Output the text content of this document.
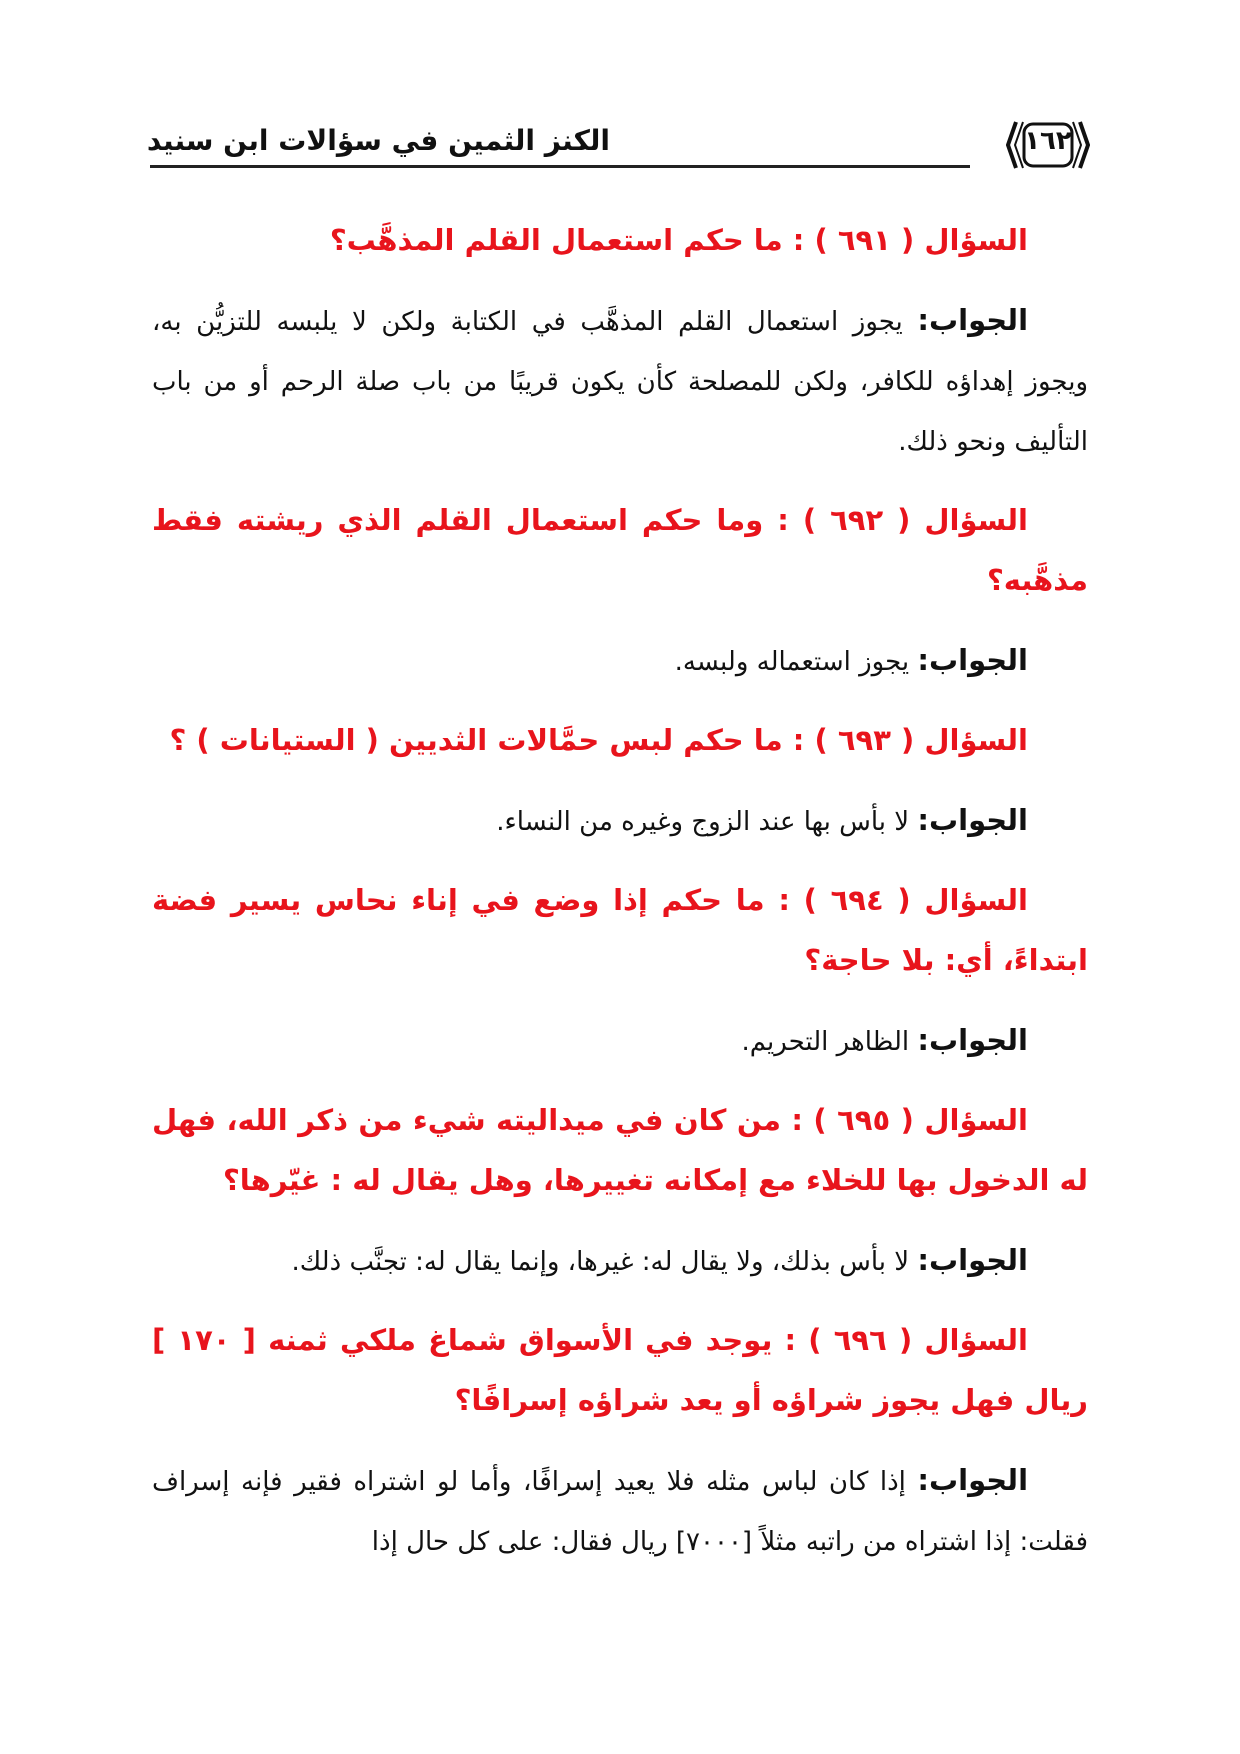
الكنز الثمين في سؤالات ابن سنيد	١٦٢

السؤال ( ٦٩١ ) : ما حكم استعمال القلم المذهَّب؟

الجواب: يجوز استعمال القلم المذهَّب في الكتابة ولكن لا يلبسه للتزيُّن به، ويجوز إهداؤه للكافر، ولكن للمصلحة كأن يكون قريبًا من باب صلة الرحم أو من باب التأليف ونحو ذلك.

السؤال ( ٦٩٢ ) : وما حكم استعمال القلم الذي ريشته فقط مذهَّبه؟

الجواب: يجوز استعماله ولبسه.

السؤال ( ٦٩٣ ) : ما حكم لبس حمَّالات الثديين ( الستيانات ) ؟

الجواب: لا بأس بها عند الزوج وغيره من النساء.

السؤال ( ٦٩٤ ) : ما حكم إذا وضع في إناء نحاس يسير فضة ابتداءً، أي: بلا حاجة؟

الجواب: الظاهر التحريم.

السؤال ( ٦٩٥ ) : من كان في ميداليته شيء من ذكر الله، فهل له الدخول بها للخلاء مع إمكانه تغييرها، وهل يقال له : غيّرها؟

الجواب: لا بأس بذلك، ولا يقال له: غيرها، وإنما يقال له: تجنَّب ذلك.

السؤال ( ٦٩٦ ) : يوجد في الأسواق شماغ ملكي ثمنه [ ١٧٠ ] ريال فهل يجوز شراؤه أو يعد شراؤه إسرافًا؟

الجواب: إذا كان لباس مثله فلا يعيد إسرافًا، وأما لو اشتراه فقير فإنه إسراف فقلت: إذا اشتراه من راتبه مثلاً [٧٠٠٠] ريال فقال: على كل حال إذا
